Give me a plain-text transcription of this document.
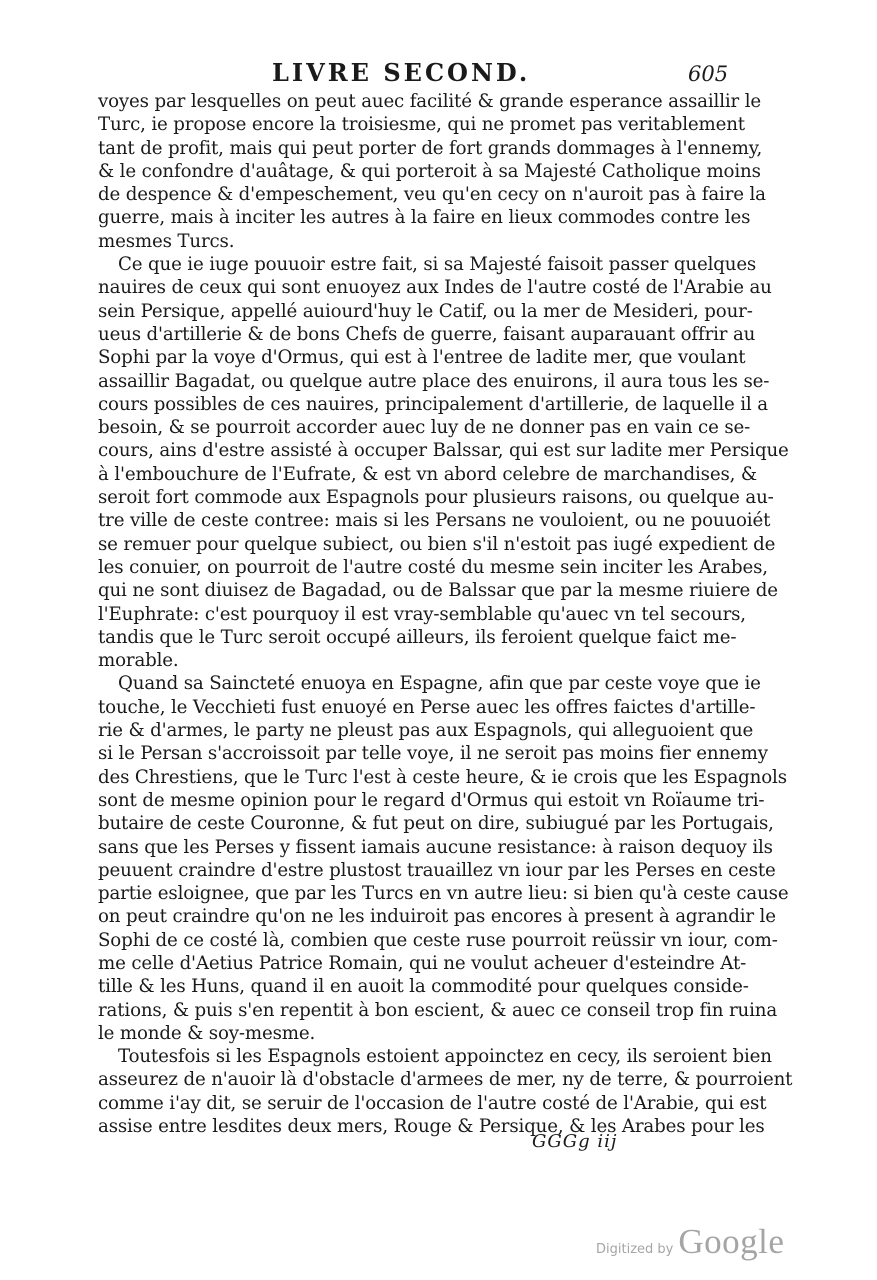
LIVRE SECOND.	605
voyes par lesquelles on peut auec facilité & grande esperance assaillir le
Turc, ie propose encore la troisiesme, qui ne promet pas veritablement
tant de profit, mais qui peut porter de fort grands dommages à l'ennemy,
& le confondre d'auâtage, & qui porteroit à sa Majesté Catholique moins
de despence & d'empeschement, veu qu'en cecy on n'auroit pas à faire la
guerre, mais à inciter les autres à la faire en lieux commodes contre les
mesmes Turcs.
Ce que ie iuge pouuoir estre fait, si sa Majesté faisoit passer quelques
nauires de ceux qui sont enuoyez aux Indes de l'autre costé de l'Arabie au
sein Persique, appellé auiourd'huy le Catif, ou la mer de Mesideri, pour-
ueus d'artillerie & de bons Chefs de guerre, faisant auparauant offrir au
Sophi par la voye d'Ormus, qui est à l'entree de ladite mer, que voulant
assaillir Bagadat, ou quelque autre place des enuirons, il aura tous les se-
cours possibles de ces nauires, principalement d'artillerie, de laquelle il a
besoin, & se pourroit accorder auec luy de ne donner pas en vain ce se-
cours, ains d'estre assisté à occuper Balssar, qui est sur ladite mer Persique
à l'embouchure de l'Eufrate, & est vn abord celebre de marchandises, &
seroit fort commode aux Espagnols pour plusieurs raisons, ou quelque au-
tre ville de ceste contree: mais si les Persans ne vouloient, ou ne pouuoiét
se remuer pour quelque subiect, ou bien s'il n'estoit pas iugé expedient de
les conuier, on pourroit de l'autre costé du mesme sein inciter les Arabes,
qui ne sont diuisez de Bagadad, ou de Balssar que par la mesme riuiere de
l'Euphrate: c'est pourquoy il est vray-semblable qu'auec vn tel secours,
tandis que le Turc seroit occupé ailleurs, ils feroient quelque faict me-
morable.
Quand sa Saincteté enuoya en Espagne, afin que par ceste voye que ie
touche, le Vecchieti fust enuoyé en Perse auec les offres faictes d'artille-
rie & d'armes, le party ne pleust pas aux Espagnols, qui alleguoient que
si le Persan s'accroissoit par telle voye, il ne seroit pas moins fier ennemy
des Chrestiens, que le Turc l'est à ceste heure, & ie crois que les Espagnols
sont de mesme opinion pour le regard d'Ormus qui estoit vn Roïaume tri-
butaire de ceste Couronne, & fut peut on dire, subiugué par les Portugais,
sans que les Perses y fissent iamais aucune resistance: à raison dequoy ils
peuuent craindre d'estre plustost trauaillez vn iour par les Perses en ceste
partie esloignee, que par les Turcs en vn autre lieu: si bien qu'à ceste cause
on peut craindre qu'on ne les induiroit pas encores à present à agrandir le
Sophi de ce costé là, combien que ceste ruse pourroit reüssir vn iour, com-
me celle d'Aetius Patrice Romain, qui ne voulut acheuer d'esteindre At-
tille & les Huns, quand il en auoit la commodité pour quelques conside-
rations, & puis s'en repentit à bon escient, & auec ce conseil trop fin ruina
le monde & soy-mesme.
Toutesfois si les Espagnols estoient appoinctez en cecy, ils seroient bien
asseurez de n'auoir là d'obstacle d'armees de mer, ny de terre, & pourroient
comme i'ay dit, se seruir de l'occasion de l'autre costé de l'Arabie, qui est
assise entre lesdites deux mers, Rouge & Persique, & les Arabes pour les
GGGg iij
Digitized by Google
